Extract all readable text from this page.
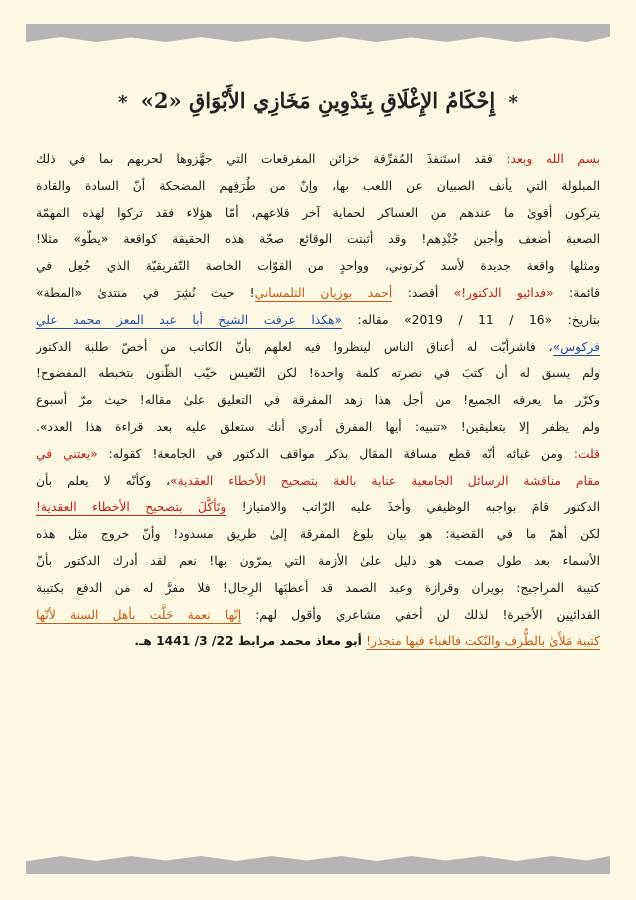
* إِحْكَامُ الإِغْلَاقِ بِتَدْوِينِ مَخَازِي الأَبْوَاقِ «2» *
بسم الله وبعد: فقد استَنفذَ المُفرِّقة خزائن المفرقعات التي جهَّزوها لحربهم بما في ذلك
المبلولة التي يأنف الصبيان عن اللعب بها، وإنّ من طُرَفِهم المضحكة أنّ السادة والقادة
يتركون أقوىٰ ما عندهم من العساكر لحماية آخر قلاعهم، أمّا هؤلاء فقد تركوا لهذه المهمّة
الصعبة أضعف وأجبن جُنْدِهم! وقد أثبتت الوقائع صحّة هذه الحقيقة كواقعة «يطّو» مثلا!
ومثلها واقعة جديدة لأسد كرتوني، وواحدٍ من القوّات الخاصة التّفريقيّة الذي جُعِل في
قائمة: «فدائيو الدكتور!» أقصد: أحمد بوزيان التلمساني! حيث نُشِرَ في منتدىٰ «المطة»
بتاريخ: «16 / 11 / 2019» مقاله: «هكذا عرفت الشيخ أبا عبد المعز محمد علي
فركوس»، فاشرأبّت له أعناق الناس لينظروا فيه لعلهم بأنّ الكاتب من أخصّ طلبة الدكتور
ولم يسبق له أن كتبَ في نصرته كلمة واحدة! لكن التّعيس خيّب الظّنون بتخبطه المفضوح!
وكرّر ما يعرفه الجميع! من أجل هذا زهد المفرقة في التعليق علىٰ مقاله! حيث مرّ أسبوع
ولم يظفر إلا بتعليقين! «تنبيه: أيها المفرق أدري أنك ستعلق عليه بعد قراءة هذا العدد».
قلت: ومن غبائه أنّه قطع مسافة المقال بذكر مواقف الدكتور في الجامعة! كقوله: «يعتني في
مقام مناقشة الرسائل الجامعية عناية بالغة بتصحيح الأخطاء العقدية»، وكأنّه لا يعلم بأن
الدكتور قامَ بواجبه الوظيفي وأخذَ عليه الرّاتب والامتياز! وتَأكَّلَ بتصحيح الأخطاء العقدية!
لكن أهمّ ما في القضية: هو بيان بلوغ المفرقة إلىٰ طريق مسدود! وأنّ خروج مثل هذه
الأسماء بعد طول صمت هو دليل علىٰ الأزمة التي يمرّون بها! نعم لقد أدرك الدكتور بأنّ
كتيبة المراجيج: بويران وقرازة وعبد الصمد قد أعطبَها الرِجال! فلا مفرَّ له من الدفع بكتيبة
الفدائيين الأخيرة! لذلك لن أخفي مشاعري وأقول لهم: إنّها نعمة حَلَّت بأهل السنة لأنّها
كتيبة مَلأَىٰ بالطُّرف والنّكت فالغباء فيها متجذر! أبو معاذ محمد مرابط 22/ 3/ 1441 هـ.
